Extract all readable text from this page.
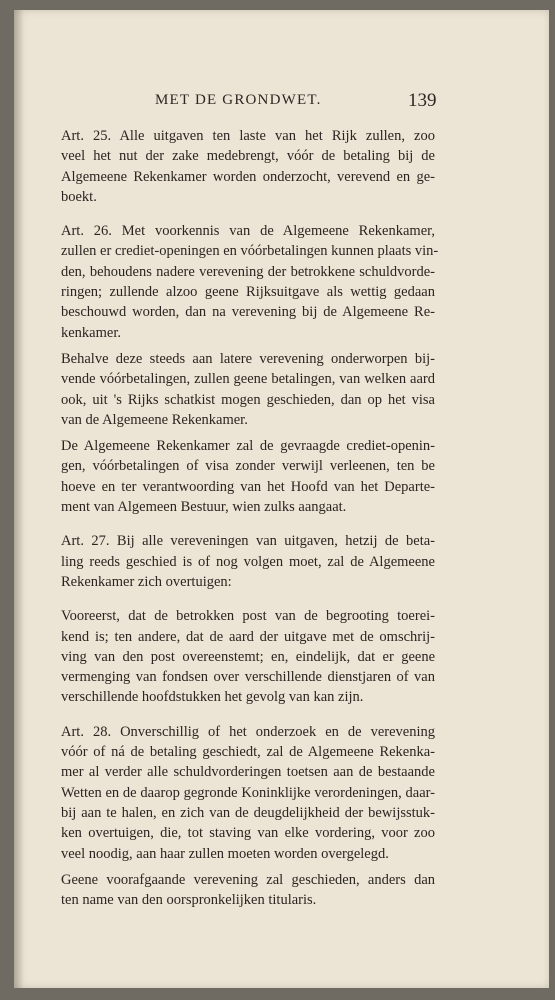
MET DE GRONDWET.	139

Art. 25. Alle uitgaven ten laste van het Rijk zullen, zoo
veel het nut der zake medebrengt, vóór de betaling bij de
Algemeene Rekenkamer worden onderzocht, verevend en ge-
boekt.

Art. 26. Met voorkennis van de Algemeene Rekenkamer,
zullen er crediet-openingen en vóórbetalingen kunnen plaats vin-
den, behoudens nadere verevening der betrokkene schuldvorde-
ringen; zullende alzoo geene Rijksuitgave als wettig gedaan
beschouwd worden, dan na verevening bij de Algemeene Re-
kenkamer.

Behalve deze steeds aan latere verevening onderworpen bij-
vende vóórbetalingen, zullen geene betalingen, van welken aard
ook, uit 's Rijks schatkist mogen geschieden, dan op het visa
van de Algemeene Rekenkamer.

De Algemeene Rekenkamer zal de gevraagde crediet-openin-
gen, vóórbetalingen of visa zonder verwijl verleenen, ten be
hoeve en ter verantwoording van het Hoofd van het Departe-
ment van Algemeen Bestuur, wien zulks aangaat.

Art. 27. Bij alle vereveningen van uitgaven, hetzij de beta-
ling reeds geschied is of nog volgen moet, zal de Algemeene
Rekenkamer zich overtuigen:

Vooreerst, dat de betrokken post van de begrooting toerei-
kend is; ten andere, dat de aard der uitgave met de omschrij-
ving van den post overeenstemt; en, eindelijk, dat er geene
vermenging van fondsen over verschillende dienstjaren of van
verschillende hoofdstukken het gevolg van kan zijn.

Art. 28. Onverschillig of het onderzoek en de verevening
vóór of ná de betaling geschiedt, zal de Algemeene Rekenka-
mer al verder alle schuldvorderingen toetsen aan de bestaande
Wetten en de daarop gegronde Koninklijke verordeningen, daar-
bij aan te halen, en zich van de deugdelijkheid der bewijsstuk-
ken overtuigen, die, tot staving van elke vordering, voor zoo
veel noodig, aan haar zullen moeten worden overgelegd.

Geene voorafgaande verevening zal geschieden, anders dan
ten name van den oorspronkelijken titularis.
